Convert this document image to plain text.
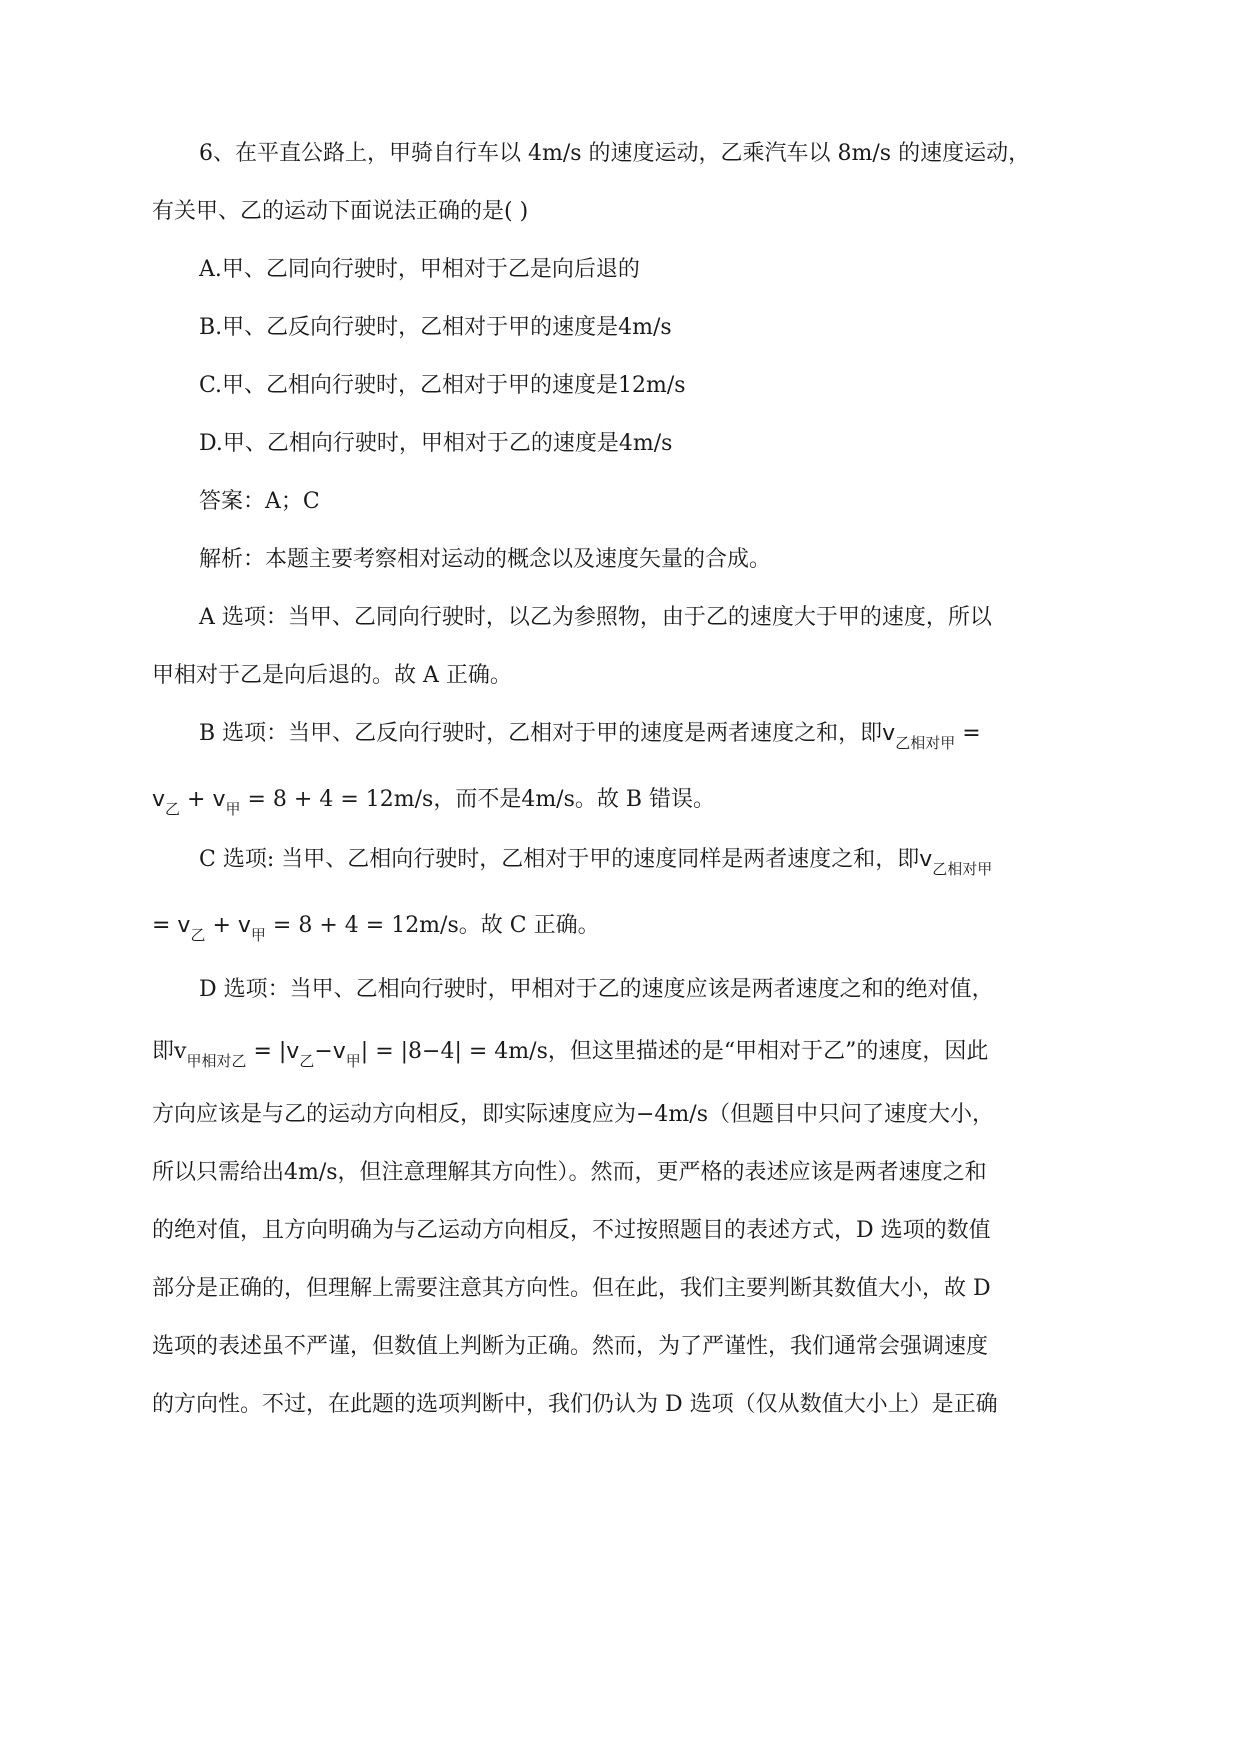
6、在平直公路上，甲骑自行车以 4m/s 的速度运动，乙乘汽车以 8m/s 的速度运动，
有关甲、乙的运动下面说法正确的是( )
A.甲、乙同向行驶时，甲相对于乙是向后退的
B.甲、乙反向行驶时，乙相对于甲的速度是4m/s
C.甲、乙相向行驶时，乙相对于甲的速度是12m/s
D.甲、乙相向行驶时，甲相对于乙的速度是4m/s
答案：A；C
解析：本题主要考察相对运动的概念以及速度矢量的合成。
A 选项：当甲、乙同向行驶时，以乙为参照物，由于乙的速度大于甲的速度，所以
甲相对于乙是向后退的。故 A 正确。
B 选项：当甲、乙反向行驶时，乙相对于甲的速度是两者速度之和，即$v_{乙相对甲}$ =
$v_乙 + v_甲 = 8 + 4 = 12m/s$，而不是4m/s。故 B 错误。
C 选项: 当甲、乙相向行驶时，乙相对于甲的速度同样是两者速度之和，即$v_{乙相对甲}$
= $v_乙 + v_甲 = 8 + 4 = 12m/s$。故 C 正确。
D 选项：当甲、乙相向行驶时，甲相对于乙的速度应该是两者速度之和的绝对值，
即$v_{甲相对乙} = |v_乙-v_甲| = |8-4| = 4m/s$，但这里描述的是“甲相对于乙”的速度，因此
方向应该是与乙的运动方向相反，即实际速度应为−4m/s（但题目中只问了速度大小，
所以只需给出4m/s，但注意理解其方向性）。然而，更严格的表述应该是两者速度之和
的绝对值，且方向明确为与乙运动方向相反，不过按照题目的表述方式，D 选项的数值
部分是正确的，但理解上需要注意其方向性。但在此，我们主要判断其数值大小，故 D
选项的表述虽不严谨，但数值上判断为正确。然而，为了严谨性，我们通常会强调速度
的方向性。不过，在此题的选项判断中，我们仍认为 D 选项（仅从数值大小上）是正确
